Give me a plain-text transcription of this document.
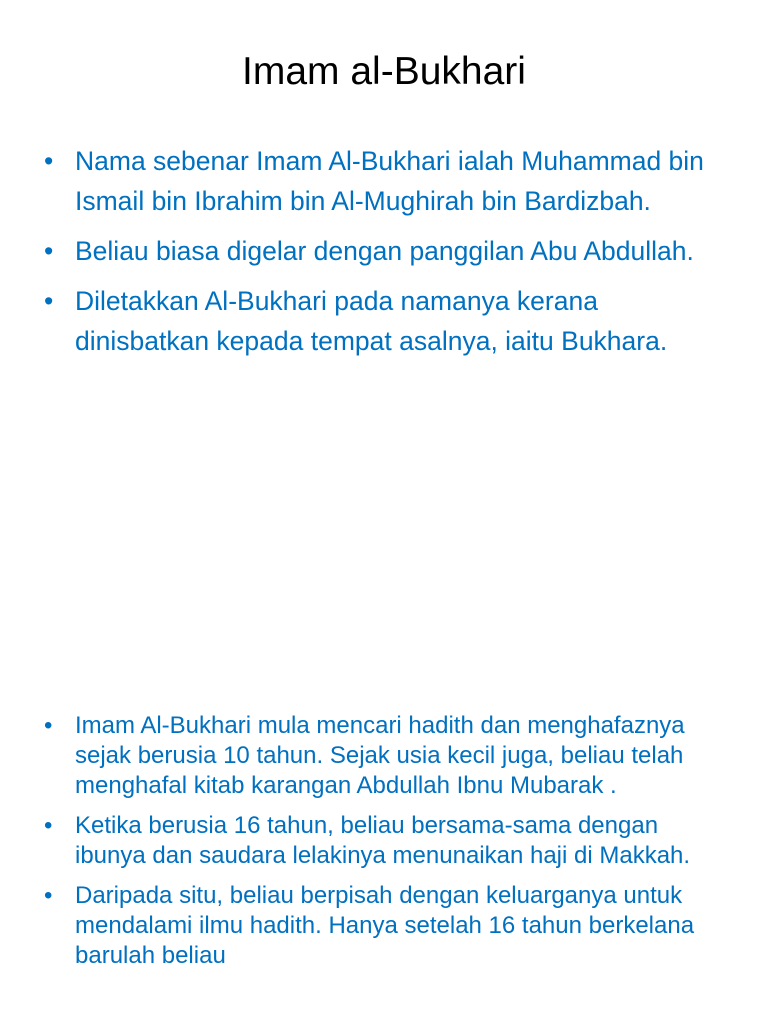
Imam al-Bukhari
• Nama sebenar Imam Al-Bukhari ialah Muhammad bin Ismail bin Ibrahim bin Al-Mughirah bin Bardizbah.
• Beliau biasa digelar dengan panggilan Abu Abdullah.
• Diletakkan Al-Bukhari pada namanya kerana dinisbatkan kepada tempat asalnya, iaitu Bukhara.
• Imam Al-Bukhari mula mencari hadith dan menghafaznya sejak berusia 10 tahun. Sejak usia kecil juga, beliau telah menghafal kitab karangan Abdullah Ibnu Mubarak .
• Ketika berusia 16 tahun, beliau bersama-sama dengan ibunya dan saudara lelakinya menunaikan haji di Makkah.
• Daripada situ, beliau berpisah dengan keluarganya untuk mendalami ilmu hadith. Hanya setelah 16 tahun berkelana barulah beliau
